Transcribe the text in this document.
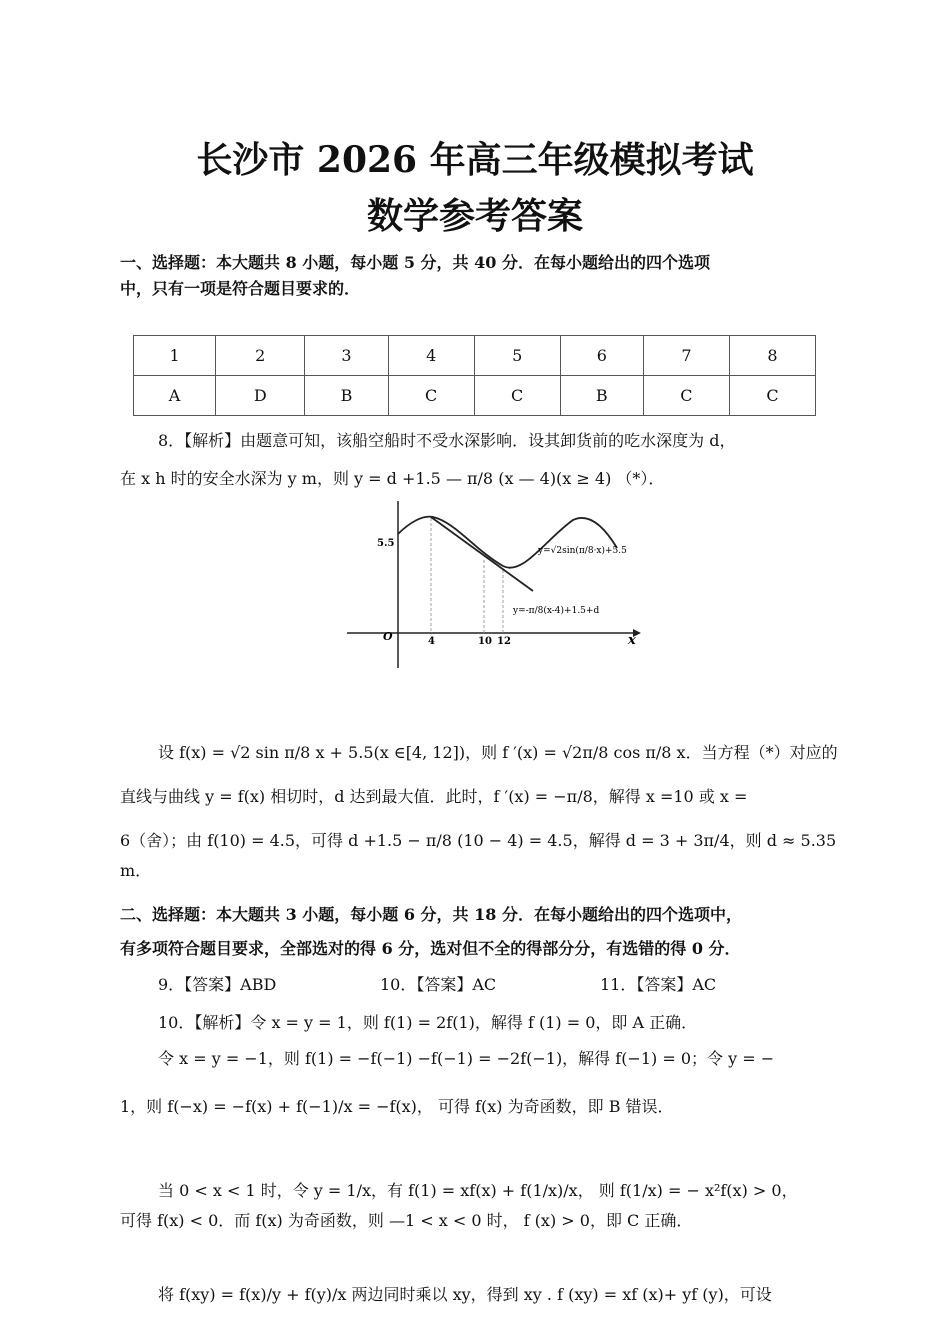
长沙市 2026 年高三年级模拟考试
数学参考答案
一、选择题：本大题共 8 小题，每小题 5 分，共 40 分．在每小题给出的四个选项
中，只有一项是符合题目要求的．
1	2	3	4	5	6	7	8
A	D	B	C	C	B	C	C
8．【解析】由题意可知，该船空船时不受水深影响．设其卸货前的吃水深度为 d，
在 x h 时的安全水深为 y m，则 y = d +1.5 — π/8 (x — 4)(x ≥ 4) （*）．
5.5
O	4	10 12	x
y=√2sin(π/8·x)+5.5
y=-π/8(x-4)+1.5+d
设 f(x) = √2 sin π/8 x + 5.5(x ∈[4, 12])，则 f ′(x) = √2π/8 cos π/8 x．当方程（*）对应的
直线与曲线 y = f(x) 相切时，d 达到最大值．此时，f ′(x) = −π/8，解得 x =10 或 x =
6（舍）；由 f(10) = 4.5，可得 d +1.5 − π/8 (10 − 4) = 4.5，解得 d = 3 + 3π/4，则 d ≈ 5.35
m．
二、选择题：本大题共 3 小题，每小题 6 分，共 18 分．在每小题给出的四个选项中，
有多项符合题目要求，全部选对的得 6 分，选对但不全的得部分分，有选错的得 0 分．
9．【答案】ABD	10．【答案】AC	11．【答案】AC
10．【解析】令 x = y = 1，则 f(1) = 2f(1)，解得 f (1) = 0，即 A 正确．
令 x = y = −1，则 f(1) = −f(−1) −f(−1) = −2f(−1)，解得 f(−1) = 0；令 y = −
1，则 f(−x) = −f(x) + f(−1)/x = −f(x)， 可得 f(x) 为奇函数，即 B 错误．
当 0 < x < 1 时，令 y = 1/x，有 f(1) = xf(x) + f(1/x)/x， 则 f(1/x) = − x²f(x) > 0，
可得 f(x) < 0．而 f(x) 为奇函数，则 —1 < x < 0 时， f (x) > 0，即 C 正确．
将 f(xy) = f(x)/y + f(y)/x 两边同时乘以 xy，得到 xy . f (xy) = xf (x)+ yf (y)，可设
